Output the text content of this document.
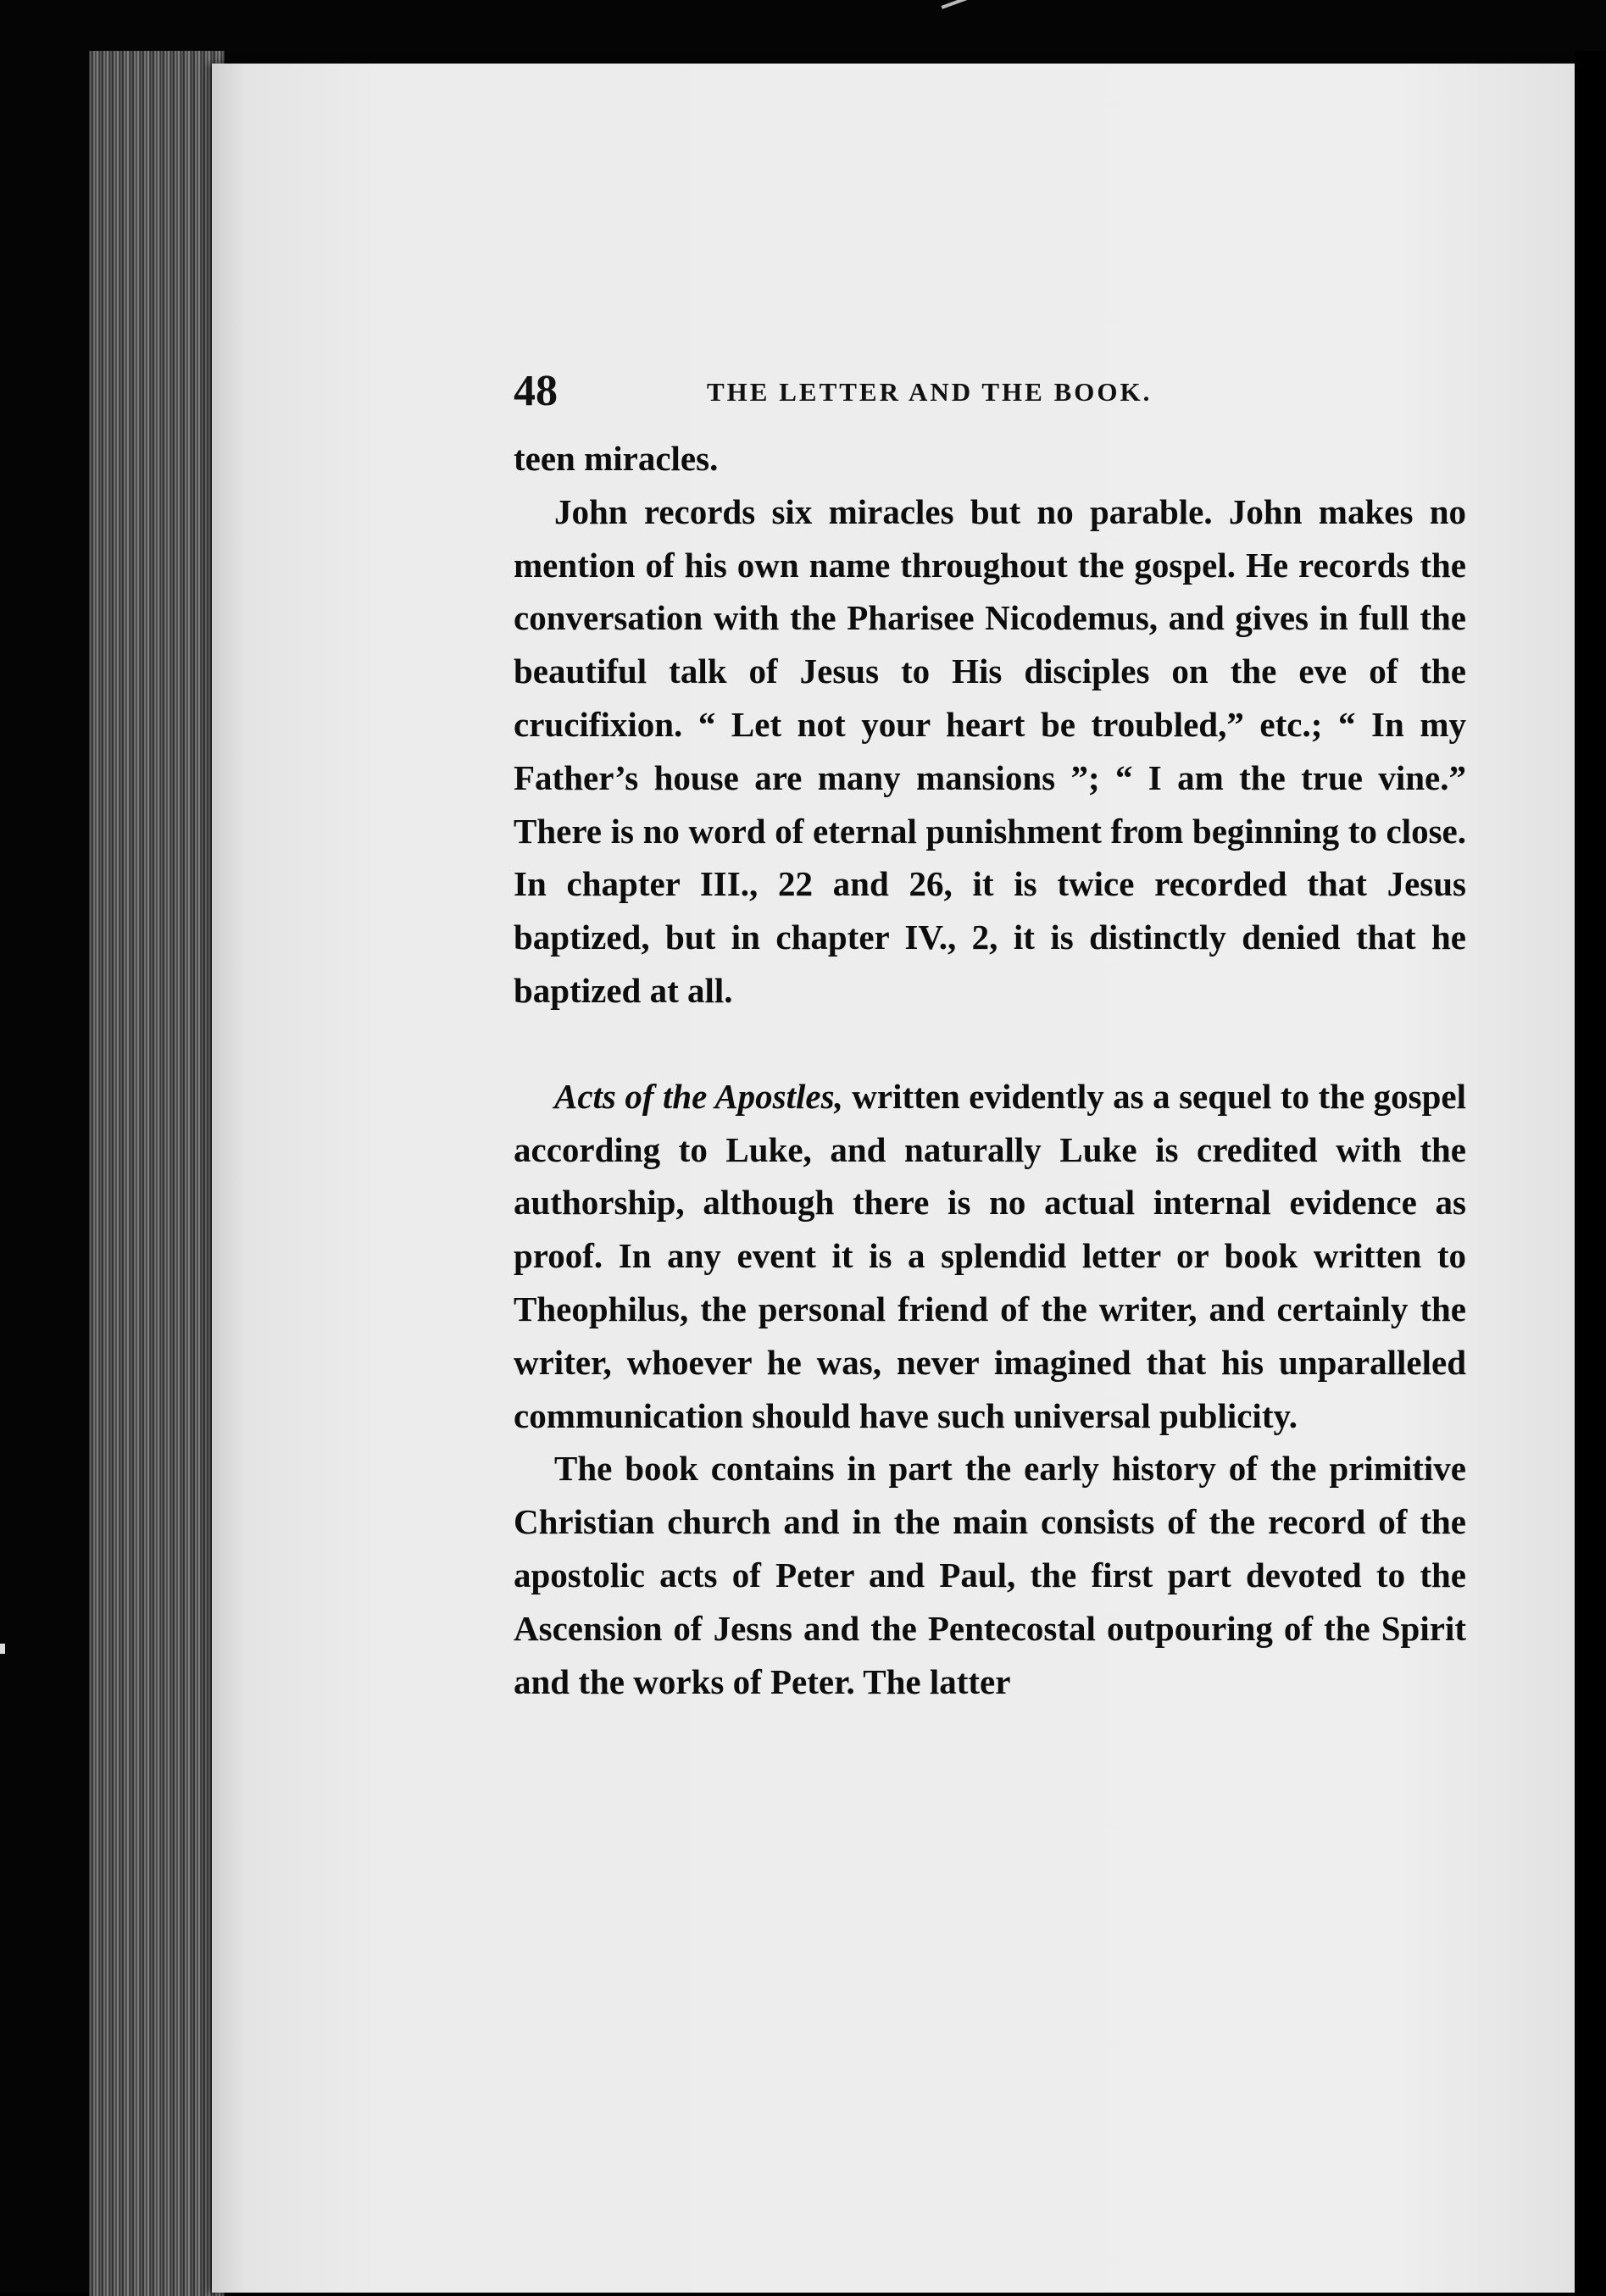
48	THE LETTER AND THE BOOK.

teen miracles.

John records six miracles but no parable. John makes no mention of his own name throughout the gospel. He records the conversation with the Pharisee Nicodemus, and gives in full the beautiful talk of Jesus to His disciples on the eve of the crucifixion. “ Let not your heart be troubled,” etc.; “ In my Father’s house are many mansions ”; “ I am the true vine.” There is no word of eternal punishment from beginning to close. In chapter III., 22 and 26, it is twice recorded that Jesus baptized, but in chapter IV., 2, it is distinctly denied that he baptized at all.

Acts of the Apostles, written evidently as a sequel to the gospel according to Luke, and naturally Luke is credited with the authorship, although there is no actual internal evidence as proof. In any event it is a splendid letter or book written to Theophilus, the personal friend of the writer, and certainly the writer, whoever he was, never imagined that his unparalleled communication should have such universal publicity.

The book contains in part the early history of the primitive Christian church and in the main consists of the record of the apostolic acts of Peter and Paul, the first part devoted to the Ascension of Jesns and the Pentecostal outpouring of the Spirit and the works of Peter. The latter
